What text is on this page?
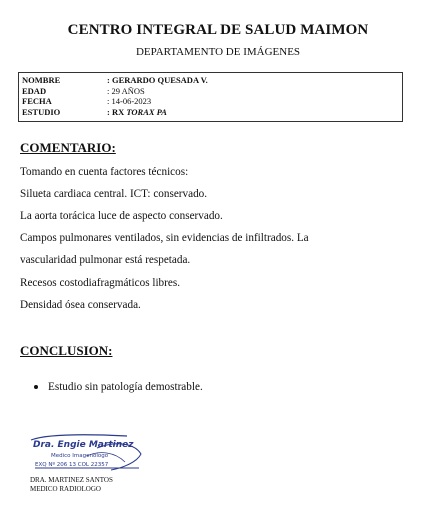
CENTRO INTEGRAL DE SALUD MAIMON
DEPARTAMENTO DE IMÁGENES
NOMBRE	: GERARDO QUESADA V.
EDAD	: 29 AÑOS
FECHA	: 14-06-2023
ESTUDIO	: RX TORAX PA
COMENTARIO:
Tomando en cuenta factores técnicos:
Silueta cardiaca central. ICT: conservado.
La aorta torácica luce de aspecto conservado.
Campos pulmonares ventilados, sin evidencias de infiltrados. La
vascularidad pulmonar está respetada.
Recesos costodiafragmáticos libres.
Densidad ósea conservada.
CONCLUSION:
Estudio sin patología demostrable.
Dra. Engie Martinez
Medico Imagenologo
EXQ Nº 206 13 COL 22357
DRA. MARTINEZ SANTOS
MEDICO RADIOLOGO
